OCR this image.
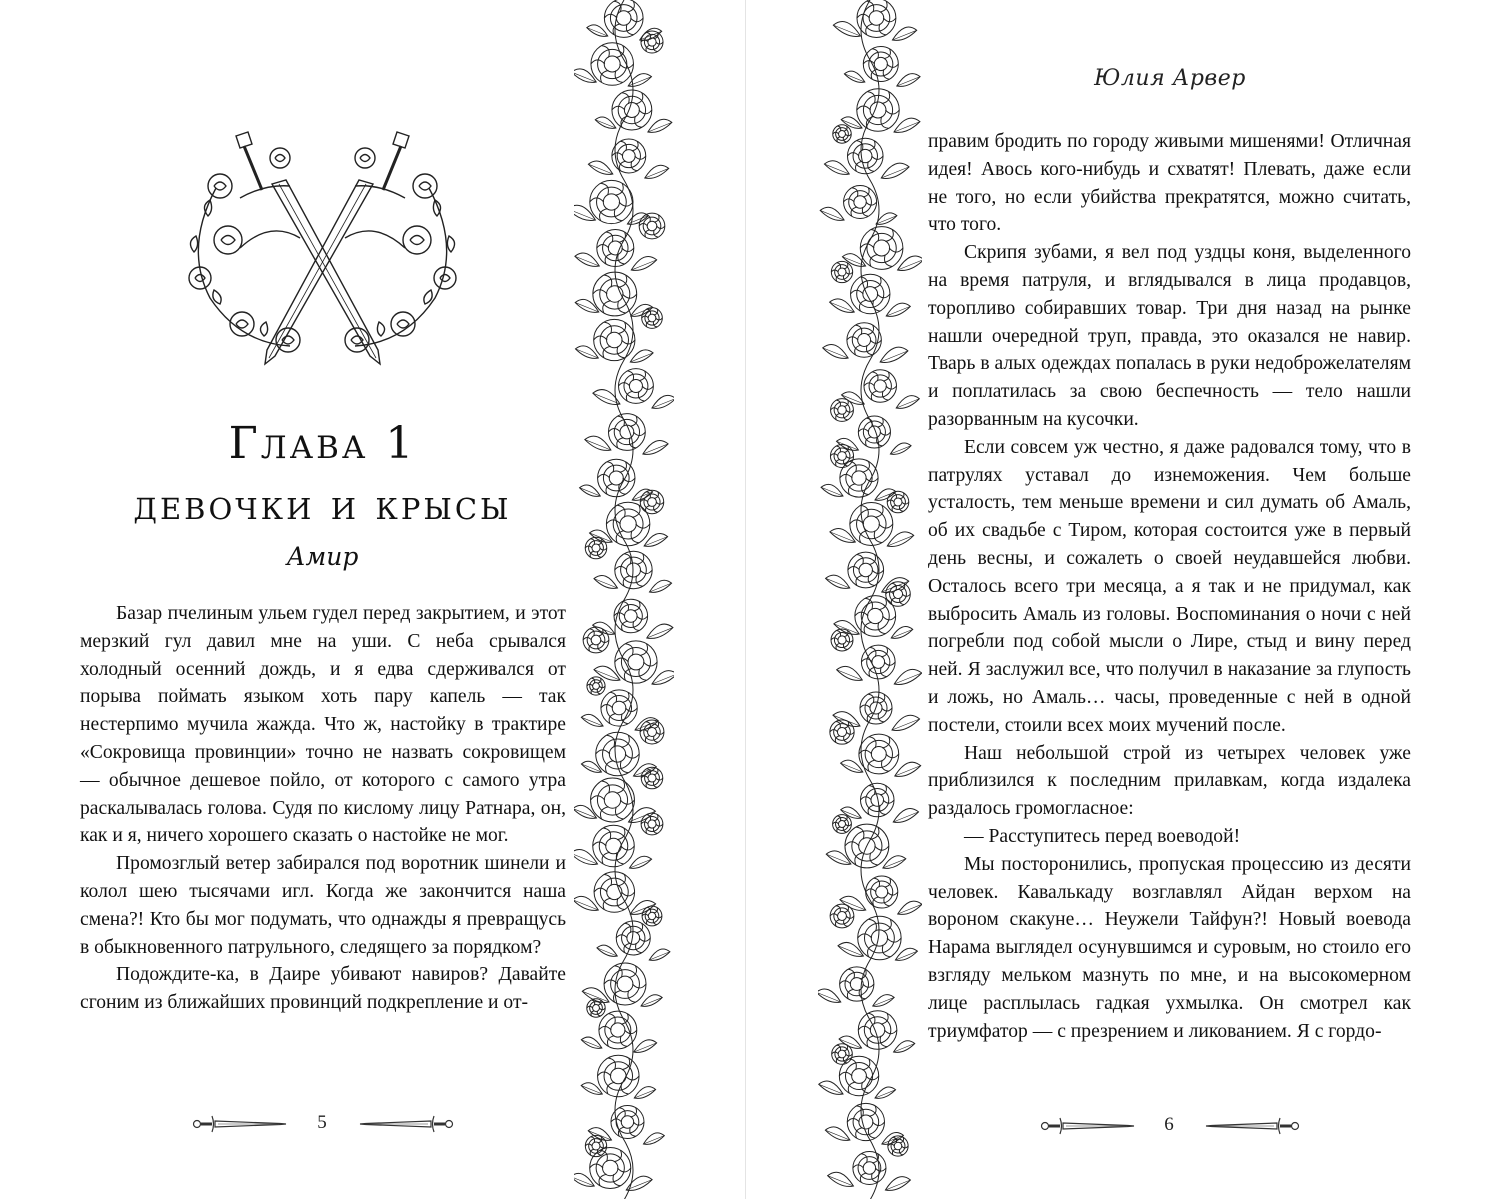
Глава 1
девочки и крысы
Амир

Базар пчелиным ульем гудел перед закрытием, и этот мерзкий гул давил мне на уши. С неба срывался холодный осенний дождь, и я едва сдерживался от порыва поймать языком хоть пару капель — так нестерпимо мучила жажда. Что ж, настойку в трактире «Сокровища провинции» точно не назвать сокровищем — обычное дешевое пойло, от которого с самого утра раскалывалась голова. Судя по кислому лицу Ратнара, он, как и я, ничего хорошего сказать о настойке не мог.

Промозглый ветер забирался под воротник шинели и колол шею тысячами игл. Когда же закончится наша смена?! Кто бы мог подумать, что однажды я превращусь в обыкновенного патрульного, следящего за порядком?

Подождите-ка, в Даире убивают навиров? Давайте сгоним из ближайших провинций подкрепление и от-

5
Юлия Арвер

правим бродить по городу живыми мишенями! Отличная идея! Авось кого-нибудь и схватят! Плевать, даже если не того, но если убийства прекратятся, можно считать, что того.

Скрипя зубами, я вел под уздцы коня, выделенного на время патруля, и вглядывался в лица продавцов, торопливо собиравших товар. Три дня назад на рынке нашли очередной труп, правда, это оказался не навир. Тварь в алых одеждах попалась в руки недоброжелателям и поплатилась за свою беспечность — тело нашли разорванным на кусочки.

Если совсем уж честно, я даже радовался тому, что в патрулях уставал до изнеможения. Чем больше усталость, тем меньше времени и сил думать об Амаль, об их свадьбе с Тиром, которая состоится уже в первый день весны, и сожалеть о своей неудавшейся любви. Осталось всего три месяца, а я так и не придумал, как выбросить Амаль из головы. Воспоминания о ночи с ней погребли под собой мысли о Лире, стыд и вину перед ней. Я заслужил все, что получил в наказание за глупость и ложь, но Амаль… часы, проведенные с ней в одной постели, стоили всех моих мучений после.

Наш небольшой строй из четырех человек уже приблизился к последним прилавкам, когда издалека раздалось громогласное:

— Расступитесь перед воеводой!

Мы посторонились, пропуская процессию из десяти человек. Кавалькаду возглавлял Айдан верхом на вороном скакуне… Неужели Тайфун?! Новый воевода Нарама выглядел осунувшимся и суровым, но стоило его взгляду мельком мазнуть по мне, и на высокомерном лице расплылась гадкая ухмылка. Он смотрел как триумфатор — с презрением и ликованием. Я с гордо-

6
